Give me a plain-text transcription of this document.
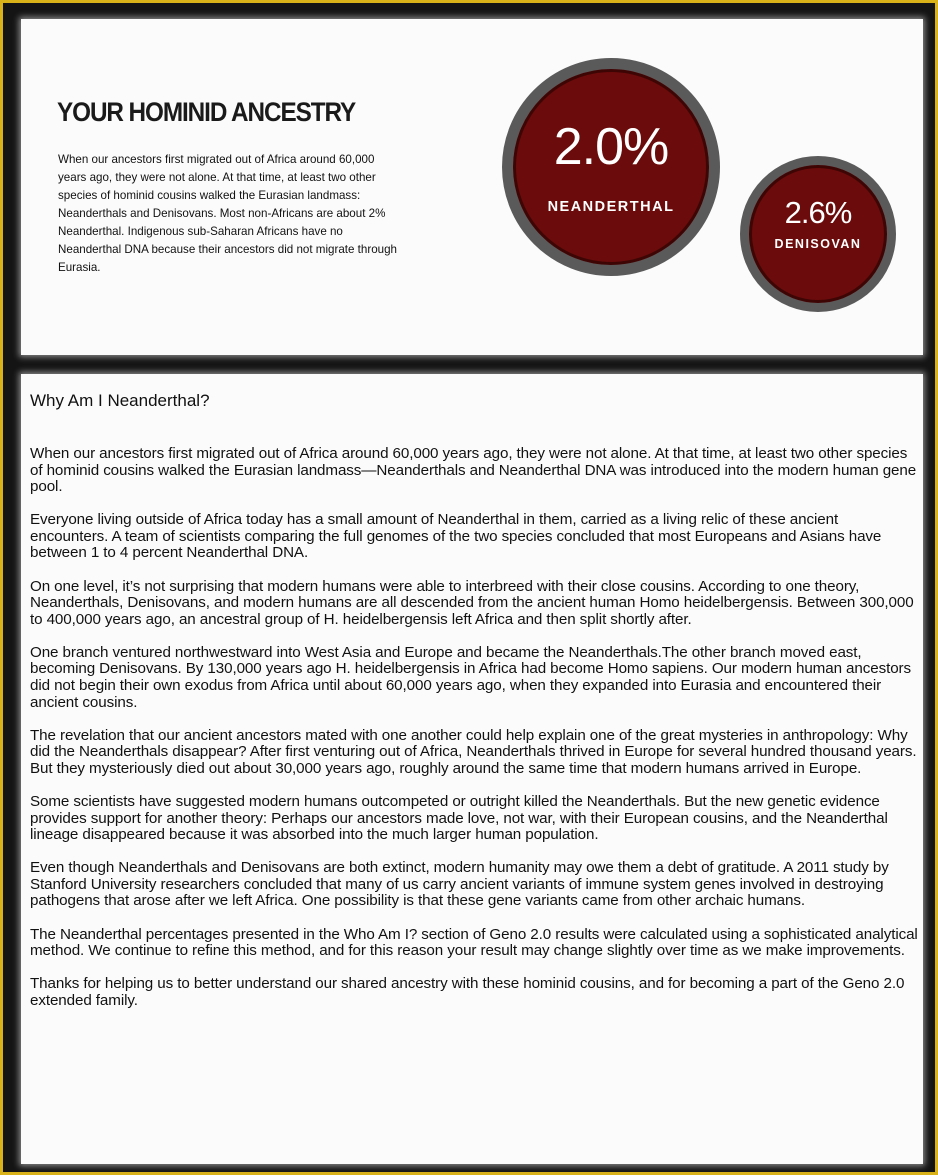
YOUR HOMINID ANCESTRY
When our ancestors first migrated out of Africa around 60,000 years ago, they were not alone. At that time, at least two other species of hominid cousins walked the Eurasian landmass: Neanderthals and Denisovans. Most non-Africans are about 2% Neanderthal. Indigenous sub-Saharan Africans have no Neanderthal DNA because their ancestors did not migrate through Eurasia.
2.0%
NEANDERTHAL	2.6%
DENISOVAN
Why Am I Neanderthal?

When our ancestors first migrated out of Africa around 60,000 years ago, they were not alone. At that time, at least two other species of hominid cousins walked the Eurasian landmass—Neanderthals and Neanderthal DNA was introduced into the modern human gene pool.

Everyone living outside of Africa today has a small amount of Neanderthal in them, carried as a living relic of these ancient encounters. A team of scientists comparing the full genomes of the two species concluded that most Europeans and Asians have between 1 to 4 percent Neanderthal DNA.

On one level, it’s not surprising that modern humans were able to interbreed with their close cousins. According to one theory, Neanderthals, Denisovans, and modern humans are all descended from the ancient human Homo heidelbergensis. Between 300,000 to 400,000 years ago, an ancestral group of H. heidelbergensis left Africa and then split shortly after.

One branch ventured northwestward into West Asia and Europe and became the Neanderthals.The other branch moved east, becoming Denisovans. By 130,000 years ago H. heidelbergensis in Africa had become Homo sapiens. Our modern human ancestors did not begin their own exodus from Africa until about 60,000 years ago, when they expanded into Eurasia and encountered their ancient cousins.

The revelation that our ancient ancestors mated with one another could help explain one of the great mysteries in anthropology: Why did the Neanderthals disappear? After first venturing out of Africa, Neanderthals thrived in Europe for several hundred thousand years. But they mysteriously died out about 30,000 years ago, roughly around the same time that modern humans arrived in Europe.

Some scientists have suggested modern humans outcompeted or outright killed the Neanderthals. But the new genetic evidence provides support for another theory: Perhaps our ancestors made love, not war, with their European cousins, and the Neanderthal lineage disappeared because it was absorbed into the much larger human population.

Even though Neanderthals and Denisovans are both extinct, modern humanity may owe them a debt of gratitude. A 2011 study by Stanford University researchers concluded that many of us carry ancient variants of immune system genes involved in destroying pathogens that arose after we left Africa. One possibility is that these gene variants came from other archaic humans.

The Neanderthal percentages presented in the Who Am I? section of Geno 2.0 results were calculated using a sophisticated analytical method. We continue to refine this method, and for this reason your result may change slightly over time as we make improvements.

Thanks for helping us to better understand our shared ancestry with these hominid cousins, and for becoming a part of the Geno 2.0 extended family.
